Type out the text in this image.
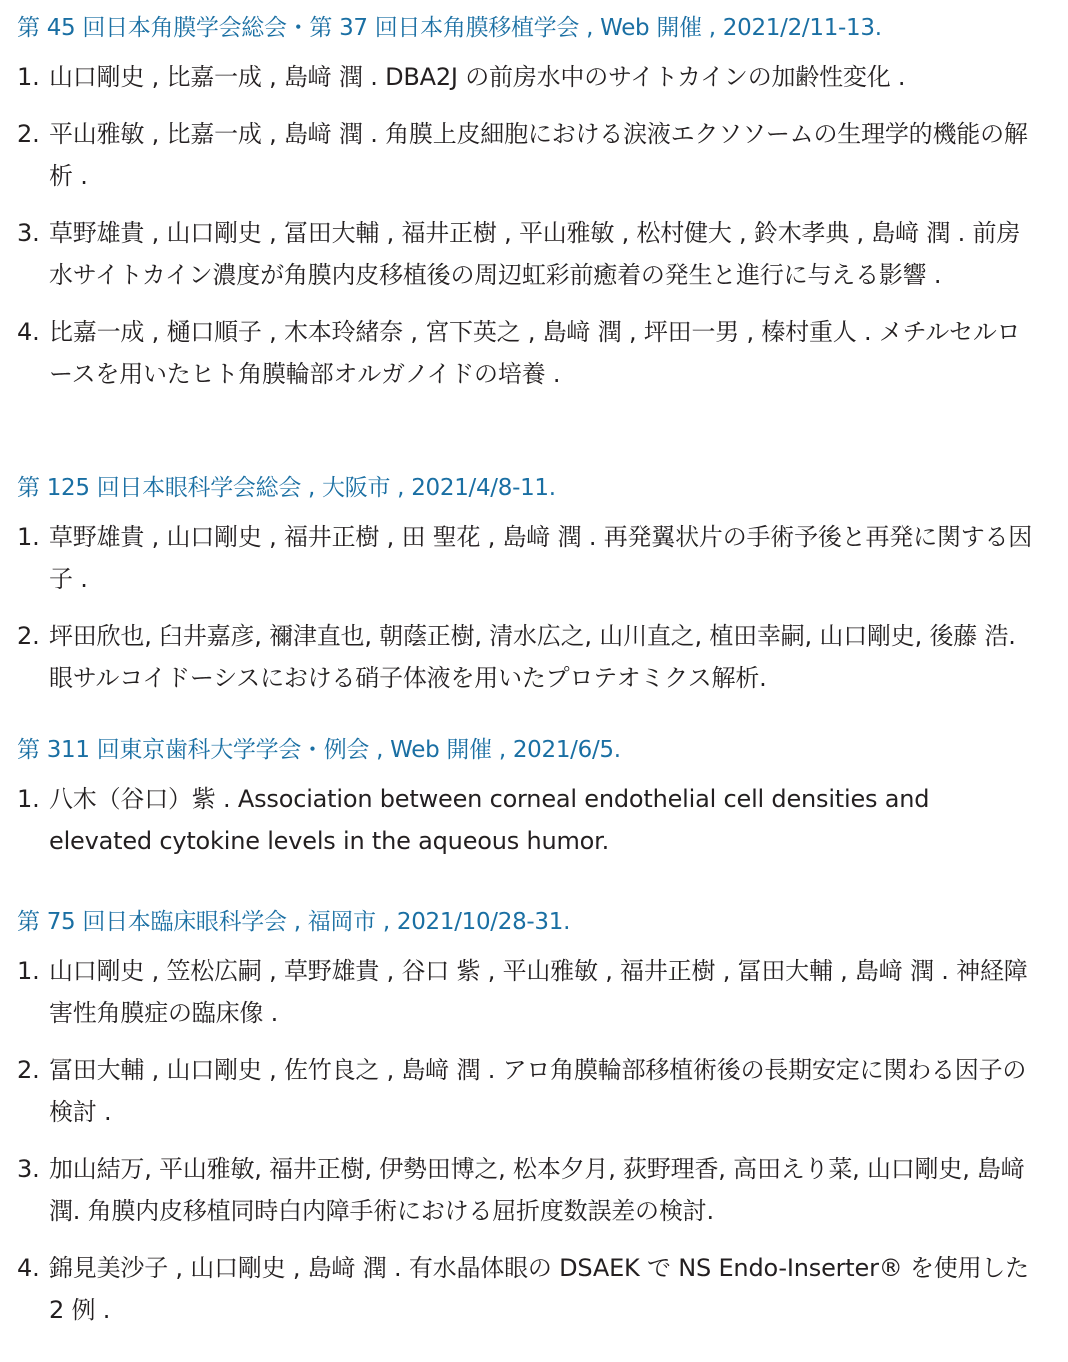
第 45 回日本角膜学会総会・第 37 回日本角膜移植学会 , Web 開催 , 2021/2/11-13.
1. 山口剛史 , 比嘉一成 , 島﨑 潤 . DBA2J の前房水中のサイトカインの加齢性変化 .
2. 平山雅敏 , 比嘉一成 , 島﨑 潤 . 角膜上皮細胞における涙液エクソソームの生理学的機能の解析 .
3. 草野雄貴 , 山口剛史 , 冨田大輔 , 福井正樹 , 平山雅敏 , 松村健大 , 鈴木孝典 , 島﨑 潤 . 前房水サイトカイン濃度が角膜内皮移植後の周辺虹彩前癒着の発生と進行に与える影響 .
4. 比嘉一成 , 樋口順子 , 木本玲緒奈 , 宮下英之 , 島﨑 潤 , 坪田一男 , 榛村重人 . メチルセルロースを用いたヒト角膜輪部オルガノイドの培養 .
第 125 回日本眼科学会総会 , 大阪市 , 2021/4/8-11.
1. 草野雄貴 , 山口剛史 , 福井正樹 , 田 聖花 , 島﨑 潤 . 再発翼状片の手術予後と再発に関する因子 .
2. 坪田欣也, 臼井嘉彦, 禰津直也, 朝蔭正樹, 清水広之, 山川直之, 植田幸嗣, 山口剛史, 後藤 浩. 眼サルコイドーシスにおける硝子体液を用いたプロテオミクス解析.
第 311 回東京歯科大学学会・例会 , Web 開催 , 2021/6/5.
1. 八木（谷口）紫 . Association between corneal endothelial cell densities and elevated cytokine levels in the aqueous humor.
第 75 回日本臨床眼科学会 , 福岡市 , 2021/10/28-31.
1. 山口剛史 , 笠松広嗣 , 草野雄貴 , 谷口 紫 , 平山雅敏 , 福井正樹 , 冨田大輔 , 島﨑 潤 . 神経障害性角膜症の臨床像 .
2. 冨田大輔 , 山口剛史 , 佐竹良之 , 島﨑 潤 . アロ角膜輪部移植術後の長期安定に関わる因子の検討 .
3. 加山結万, 平山雅敏, 福井正樹, 伊勢田博之, 松本夕月, 荻野理香, 高田えり菜, 山口剛史, 島﨑 潤. 角膜内皮移植同時白内障手術における屈折度数誤差の検討.
4. 錦見美沙子 , 山口剛史 , 島﨑 潤 . 有水晶体眼の DSAEK で NS Endo-Inserter® を使用した 2 例 .
